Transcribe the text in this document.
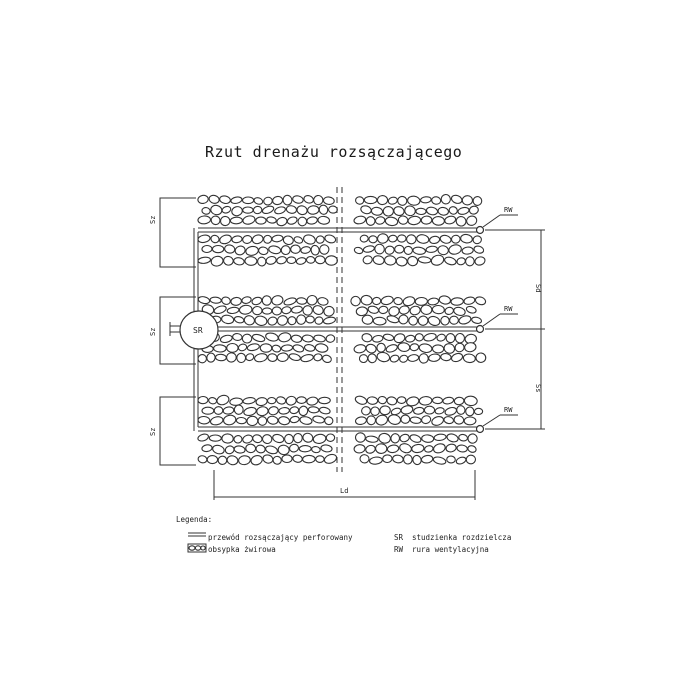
Rzut drenażu rozsączającego
SR
RW
RW
RW
Sd
Ss
Sz
Sz
Sz
Ld
Legenda:
przewód rozsączający perforowany
obsypka żwirowa
SR studzienka rozdzielcza
RW rura wentylacyjna
